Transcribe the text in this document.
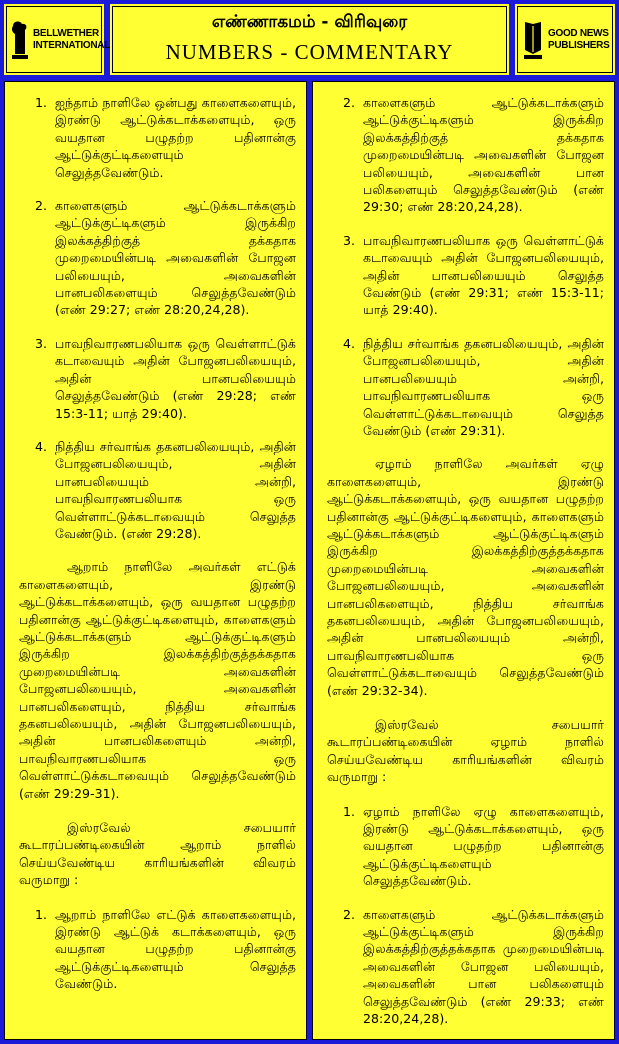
BELLWETHER
INTERNATIONAL
எண்ணாகமம் - விரிவுரை
NUMBERS - COMMENTARY
GOOD NEWS
PUBLISHERS
1. ஐந்தாம் நாளிலே ஒன்பது காளைகளையும், இரண்டு ஆட்டுக்கடாக்களையும், ஒரு வயதான பழுதற்ற பதினான்கு ஆட்டுக்குட்டிகளையும் செலுத்தவேண்டும்.

2. காளைகளும் ஆட்டுக்கடாக்களும் ஆட்டுக்குட்டிகளும் இருக்கிற இலக்கத்திற்குத் தக்கதாக முறைமையின்படி அவைகளின் போஜன பலியையும், அவைகளின் பானபலிகளையும் செலுத்தவேண்டும் (எண் 29:27; எண் 28:20,24,28).

3. பாவநிவாரணபலியாக ஒரு வெள்ளாட்டுக் கடாவையும் அதின் போஜனபலியையும், அதின் பானபலியையும் செலுத்தவேண்டும் (எண் 29:28; எண் 15:3-11; யாத் 29:40).

4. நித்திய சர்வாங்க தகனபலியையும், அதின் போஜனபலியையும், அதின் பானபலியையும் அன்றி, பாவநிவாரணபலியாக ஒரு வெள்ளாட்டுக்கடாவையும் செலுத்த வேண்டும். (எண் 29:28).

ஆறாம் நாளிலே அவர்கள் எட்டுக் காளைகளையும், இரண்டு ஆட்டுக்கடாக்களையும், ஒரு வயதான பழுதற்ற பதினான்கு ஆட்டுக்குட்டிகளையும், காளைகளும் ஆட்டுக்கடாக்களும் ஆட்டுக்குட்டிகளும் இருக்கிற இலக்கத்திற்குத்தக்கதாக முறைமையின்படி அவைகளின் போஜனபலியையும், அவைகளின் பானபலிகளையும், நித்திய சர்வாங்க தகனபலியையும், அதின் போஜனபலியையும், அதின் பானபலிகளையும் அன்றி, பாவநிவாரணபலியாக ஒரு வெள்ளாட்டுக்கடாவையும் செலுத்தவேண்டும் (எண் 29:29-31).

இஸ்ரவேல் சபையார் கூடாரப்பண்டிகையின் ஆறாம் நாளில் செய்யவேண்டிய காரியங்களின் விவரம் வருமாறு :

1. ஆறாம் நாளிலே எட்டுக் காளைகளையும், இரண்டு ஆட்டுக் கடாக்களையும், ஒரு வயதான பழுதற்ற பதினான்கு ஆட்டுக்குட்டிகளையும் செலுத்த வேண்டும்.

2. காளைகளும் ஆட்டுக்கடாக்களும் ஆட்டுக்குட்டிகளும் இருக்கிற இலக்கத்திற்குத் தக்கதாக முறைமையின்படி அவைகளின் போஜன பலியையும், அவைகளின் பான பலிகளையும் செலுத்தவேண்டும் (எண் 29:30; எண் 28:20,24,28).

3. பாவநிவாரணபலியாக ஒரு வெள்ளாட்டுக் கடாவையும் அதின் போஜனபலியையும், அதின் பானபலியையும் செலுத்த வேண்டும் (எண் 29:31; எண் 15:3-11; யாத் 29:40).

4. நித்திய சர்வாங்க தகனபலியையும், அதின் போஜனபலியையும், அதின் பானபலியையும் அன்றி, பாவநிவாரணபலியாக ஒரு வெள்ளாட்டுக்கடாவையும் செலுத்த வேண்டும் (எண் 29:31).

ஏழாம் நாளிலே அவர்கள் ஏழு காளைகளையும், இரண்டு ஆட்டுக்கடாக்களையும், ஒரு வயதான பழுதற்ற பதினான்கு ஆட்டுக்குட்டிகளையும், காளைகளும் ஆட்டுக்கடாக்களும் ஆட்டுக்குட்டிகளும் இருக்கிற இலக்கத்திற்குத்தக்கதாக முறைமையின்படி அவைகளின் போஜனபலியையும், அவைகளின் பானபலிகளையும், நித்திய சர்வாங்க தகனபலியையும், அதின் போஜனபலியையும், அதின் பானபலியையும் அன்றி, பாவநிவாரணபலியாக ஒரு வெள்ளாட்டுக்கடாவையும் செலுத்தவேண்டும் (எண் 29:32-34).

இஸ்ரவேல் சபையார் கூடாரப்பண்டிகையின் ஏழாம் நாளில் செய்யவேண்டிய காரியங்களின் விவரம் வருமாறு :

1. ஏழாம் நாளிலே ஏழு காளைகளையும், இரண்டு ஆட்டுக்கடாக்களையும், ஒரு வயதான பழுதற்ற பதினான்கு ஆட்டுக்குட்டிகளையும் செலுத்தவேண்டும்.

2. காளைகளும் ஆட்டுக்கடாக்களும் ஆட்டுக்குட்டிகளும் இருக்கிற இலக்கத்திற்குத்தக்கதாக முறைமையின்படி அவைகளின் போஜன பலியையும், அவைகளின் பான பலிகளையும் செலுத்தவேண்டும் (எண் 29:33; எண் 28:20,24,28).
